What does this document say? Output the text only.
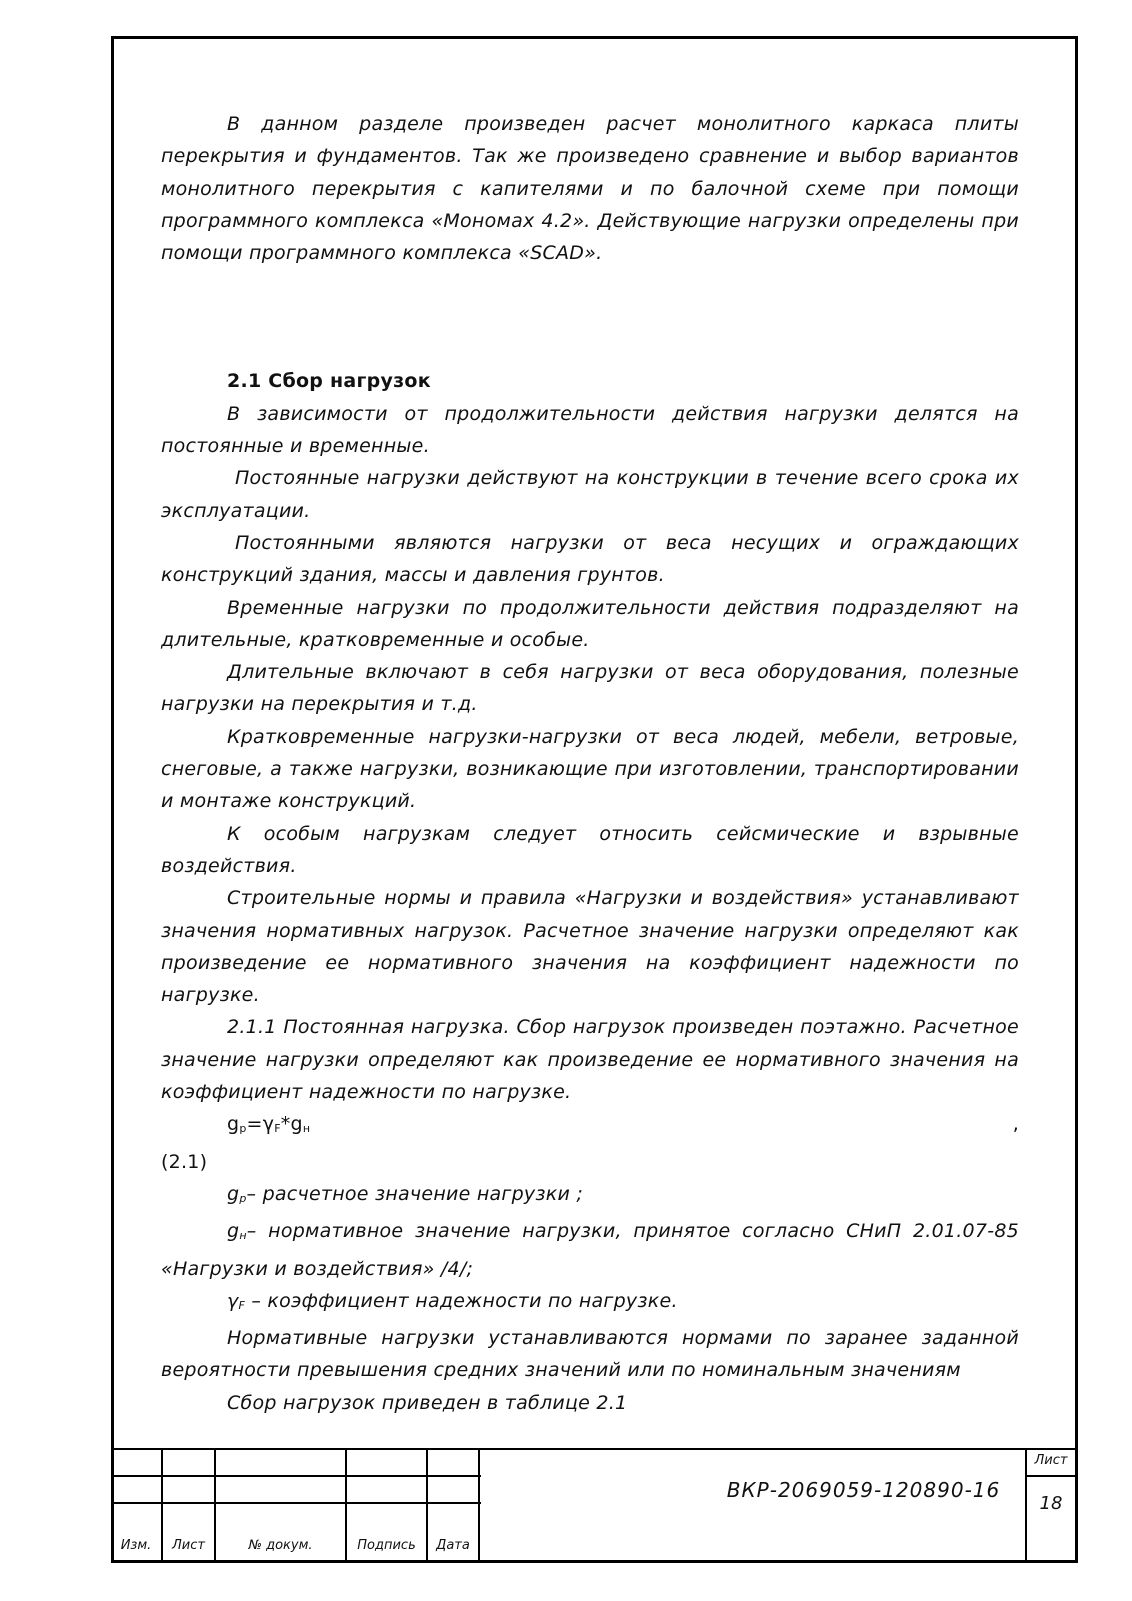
В данном разделе произведен расчет монолитного каркаса плиты перекрытия и фундаментов. Так же произведено сравнение и выбор вариантов монолитного перекрытия с капителями и по балочной схеме при помощи программного комплекса «Мономах 4.2». Действующие нагрузки определены при помощи программного комплекса «SCAD».

2.1 Сбор нагрузок

В зависимости от продолжительности действия нагрузки делятся на постоянные и временные.

Постоянные нагрузки действуют на конструкции в течение всего срока их эксплуатации.

Постоянными являются нагрузки от веса несущих и ограждающих конструкций здания, массы и давления грунтов.

Временные нагрузки по продолжительности действия подразделяют на длительные, кратковременные и особые.

Длительные включают в себя нагрузки от веса оборудования, полезные нагрузки на перекрытия и т.д.

Кратковременные нагрузки-нагрузки от веса людей, мебели, ветровые, снеговые, а также нагрузки, возникающие при изготовлении, транспортировании и монтаже конструкций.

К особым нагрузкам следует относить сейсмические и взрывные воздействия.

Строительные нормы и правила «Нагрузки и воздействия» устанавливают значения нормативных нагрузок. Расчетное значение нагрузки определяют как произведение ее нормативного значения на коэффициент надежности по нагрузке.

2.1.1 Постоянная нагрузка. Сбор нагрузок произведен поэтажно. Расчетное значение нагрузки определяют как произведение ее нормативного значения на коэффициент надежности по нагрузке.

$g_р=\gamma_F*g_н$	,

(2.1)

$g_р-$ расчетное значение нагрузки ;

$g_н-$ нормативное значение нагрузки, принятое согласно СНиП 2.01.07-85 «Нагрузки и воздействия» /4/;

$\gamma_F$ – коэффициент надежности по нагрузке.

Нормативные нагрузки устанавливаются нормами по заранее заданной вероятности превышения средних значений или по номинальным значениям

Сбор нагрузок приведен в таблице 2.1

Изм.	Лист	№ докум.	Подпись	Дата
ВКР-2069059-120890-16
Лист
18
